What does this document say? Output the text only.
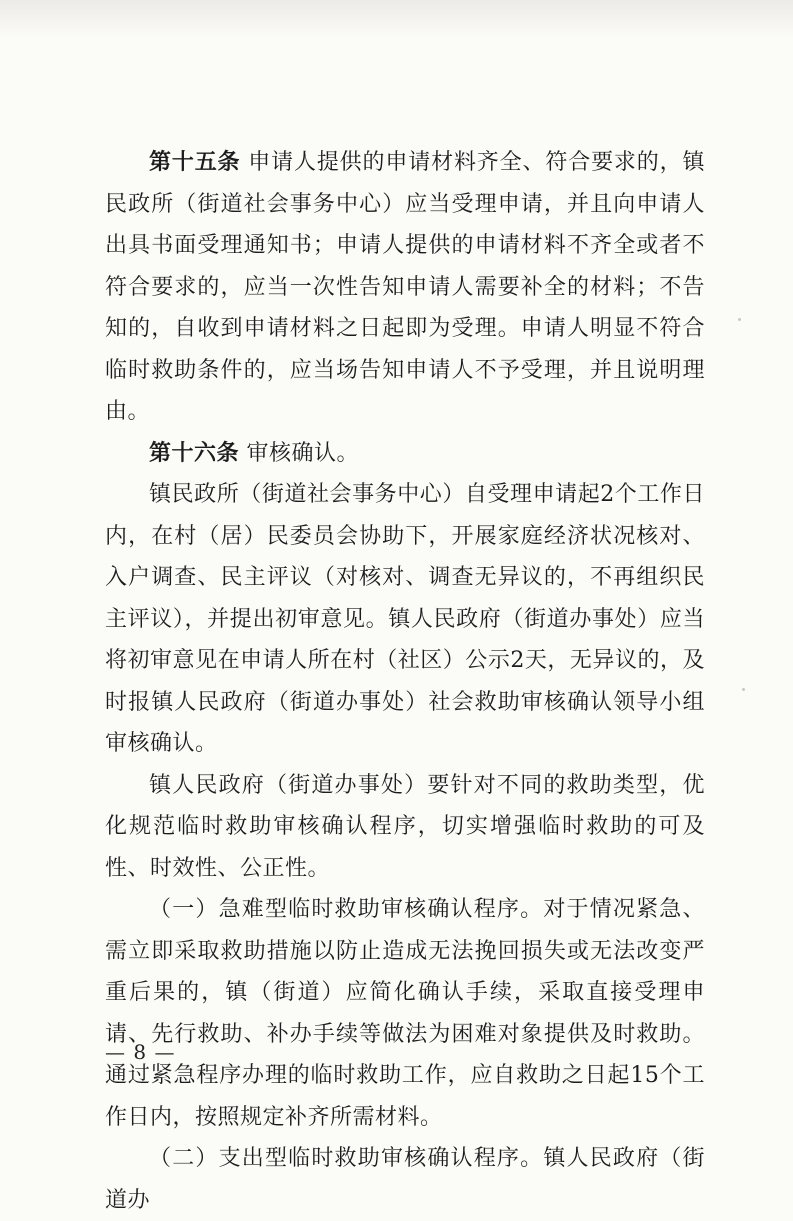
第十五条 申请人提供的申请材料齐全、符合要求的，镇民政所（街道社会事务中心）应当受理申请，并且向申请人出具书面受理通知书；申请人提供的申请材料不齐全或者不符合要求的，应当一次性告知申请人需要补全的材料；不告知的，自收到申请材料之日起即为受理。申请人明显不符合临时救助条件的，应当场告知申请人不予受理，并且说明理由。

第十六条 审核确认。

镇民政所（街道社会事务中心）自受理申请起2个工作日内，在村（居）民委员会协助下，开展家庭经济状况核对、入户调查、民主评议（对核对、调查无异议的，不再组织民主评议），并提出初审意见。镇人民政府（街道办事处）应当将初审意见在申请人所在村（社区）公示2天，无异议的，及时报镇人民政府（街道办事处）社会救助审核确认领导小组审核确认。

镇人民政府（街道办事处）要针对不同的救助类型，优化规范临时救助审核确认程序，切实增强临时救助的可及性、时效性、公正性。

（一）急难型临时救助审核确认程序。对于情况紧急、需立即采取救助措施以防止造成无法挽回损失或无法改变严重后果的，镇（街道）应简化确认手续，采取直接受理申请、先行救助、补办手续等做法为困难对象提供及时救助。通过紧急程序办理的临时救助工作，应自救助之日起15个工作日内，按照规定补齐所需材料。

（二）支出型临时救助审核确认程序。镇人民政府（街道办

— 8 —
